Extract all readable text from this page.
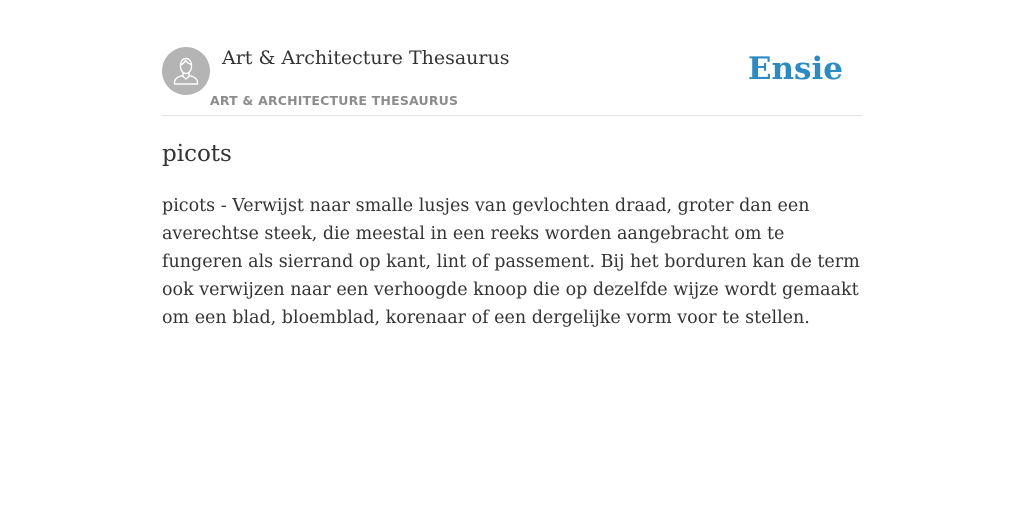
Art & Architecture Thesaurus
ART & ARCHITECTURE THESAURUS
Ensie
picots

picots - Verwijst naar smalle lusjes van gevlochten draad, groter dan een averechtse steek, die meestal in een reeks worden aangebracht om te fungeren als sierrand op kant, lint of passement. Bij het borduren kan de term ook verwijzen naar een verhoogde knoop die op dezelfde wijze wordt gemaakt om een blad, bloemblad, korenaar of een dergelijke vorm voor te stellen.
